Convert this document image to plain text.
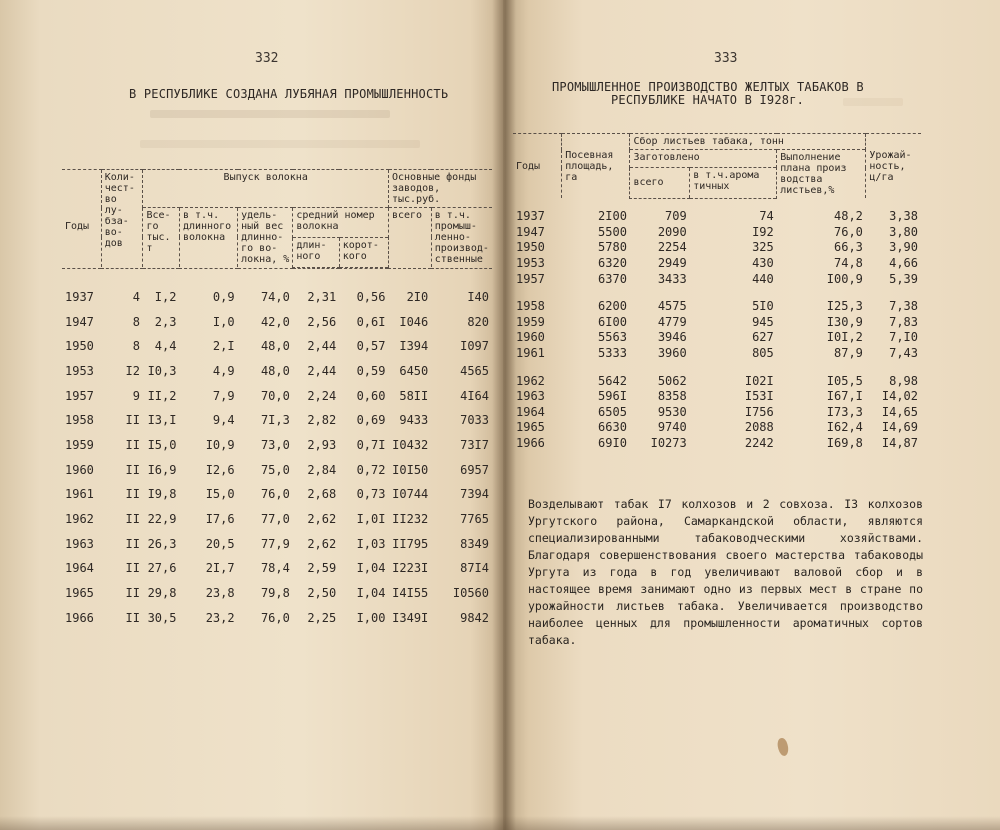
332
В РЕСПУБЛИКЕ СОЗДАНА ЛУБЯНАЯ ПРОМЫШЛЕННОСТЬ
Годы	Коли-чест-во лу-бза-во-дов	Выпуск волокна					Основные фонды заводов, тыс.руб.	
		Все-го тыс. т	в т.ч. длинного волокна	удель-ный вес длинно-го во-локна, %	средний номер волокна		всего	в т.ч. промыш-ленно-производ-ственные
					длин-ного	корот-кого		

1937	4	I,2	0,9	74,0	2,31	0,56	2I0	I40
1947	8	2,3	I,0	42,0	2,56	0,6I	I046	820
1950	8	4,4	2,I	48,0	2,44	0,57	I394	I097
1953	I2	I0,3	4,9	48,0	2,44	0,59	6450	4565
1957	9	II,2	7,9	70,0	2,24	0,60	58II	4I64
1958	II	I3,I	9,4	7I,3	2,82	0,69	9433	7033
1959	II	I5,0	I0,9	73,0	2,93	0,7I	I0432	73I7
1960	II	I6,9	I2,6	75,0	2,84	0,72	I0I50	6957
1961	II	I9,8	I5,0	76,0	2,68	0,73	I0744	7394
1962	II	22,9	I7,6	77,0	2,62	I,0I	II232	7765
1963	II	26,3	20,5	77,9	2,62	I,03	II795	8349
1964	II	27,6	2I,7	78,4	2,59	I,04	I223I	87I4
1965	II	29,8	23,8	79,8	2,50	I,04	I4I55	I0560
1966	II	30,5	23,2	76,0	2,25	I,00	I349I	9842
333
ПРОМЫШЛЕННОЕ ПРОИЗВОДСТВО ЖЕЛТЫХ ТАБАКОВ В
РЕСПУБЛИКЕ НАЧАТО В I928г.
Годы	Посевная площадь, га	Сбор листьев табака, тонн			Урожай-ность, ц/га
		Заготовлено		Выполнение плана произ водства листьев,%	
		всего	в т.ч.арома тичных		

1937	2I00	709	74	48,2	3,38
1947	5500	2090	I92	76,0	3,80
1950	5780	2254	325	66,3	3,90
1953	6320	2949	430	74,8	4,66
1957	6370	3433	440	I00,9	5,39

1958	6200	4575	5I0	I25,3	7,38
1959	6I00	4779	945	I30,9	7,83
1960	5563	3946	627	I0I,2	7,I0
1961	5333	3960	805	87,9	7,43

1962	5642	5062	I02I	I05,5	8,98
1963	596I	8358	I53I	I67,I	I4,02
1964	6505	9530	I756	I73,3	I4,65
1965	6630	9740	2088	I62,4	I4,69
1966	69I0	I0273	2242	I69,8	I4,87
Возделывают табак I7 колхозов и 2 совхоза. I3 колхозов Ургутского района, Самаркандской области, являются специализированными табаководческими хозяйствами. Благодаря совершенствования своего мастерства табаководы Ургута из года в год увеличивают валовой сбор и в настоящее время занимают одно из первых мест в стране по урожайности листьев табака. Увеличивается производство наиболее ценных для промышленности ароматичных сортов табака.
